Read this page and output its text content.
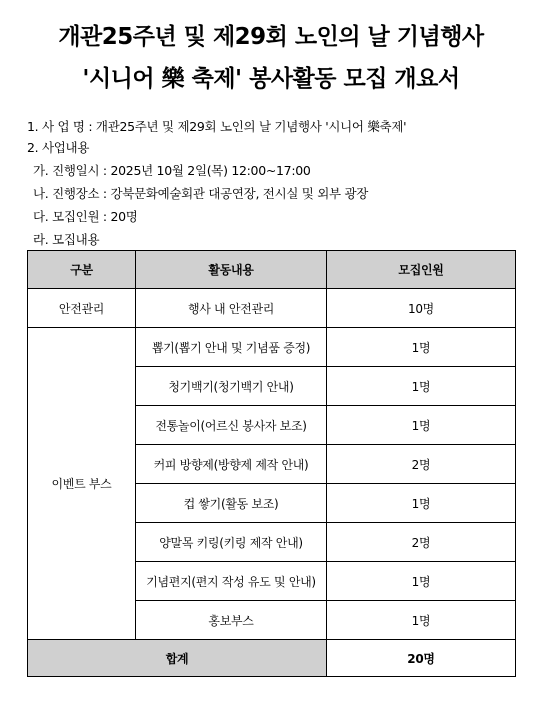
개관25주년 및 제29회 노인의 날 기념행사
'시니어 樂 축제' 봉사활동 모집 개요서
1. 사 업 명 : 개관25주년 및 제29회 노인의 날 기념행사 '시니어 樂축제'
2. 사업내용
가. 진행일시 : 2025년 10월 2일(목) 12:00~17:00
나. 진행장소 : 강북문화예술회관 대공연장, 전시실 및 외부 광장
다. 모집인원 : 20명
라. 모집내용
구분	활동내용	모집인원
안전관리	행사 내 안전관리	10명
이벤트 부스	뽑기(뽑기 안내 및 기념품 증정)	1명
	청기백기(청기백기 안내)	1명
	전통놀이(어르신 봉사자 보조)	1명
	커피 방향제(방향제 제작 안내)	2명
	컵 쌓기(활동 보조)	1명
	양말목 키링(키링 제작 안내)	2명
	기념편지(편지 작성 유도 및 안내)	1명
	홍보부스	1명
합계		20명
